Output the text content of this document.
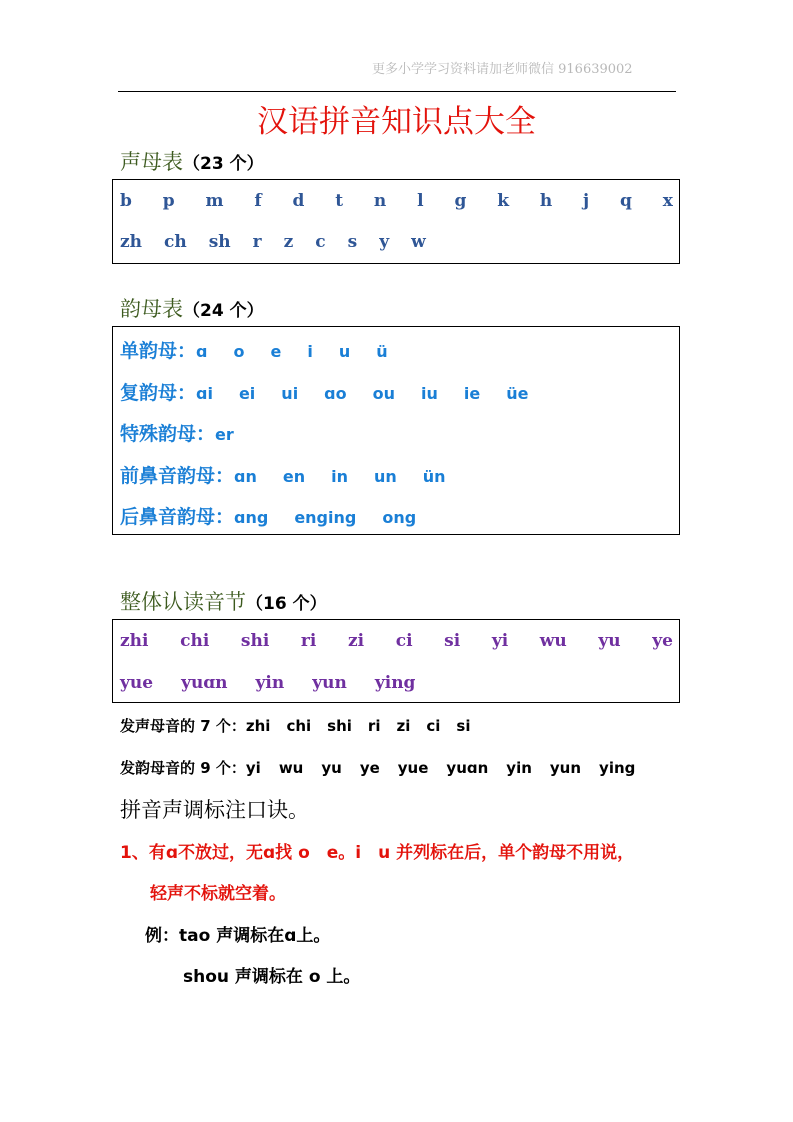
更多小学学习资料请加老师微信 916639002
汉语拼音知识点大全
声母表（23 个）
b p m f d t n l g k h j q x
zh ch sh r z c s y w
韵母表（24 个）
单韵母：ɑ o e i u ü
复韵母：ɑi ei ui ɑo ou iu ie üe
特殊韵母：er
前鼻音韵母：ɑn en in un ün
后鼻音韵母：ɑng enging ong
整体认读音节（16 个）
zhi chi shi ri zi ci si yi wu yu ye
yue yuɑn yin yun ying
发声母音的 7 个：zhi chi shi ri zi ci si
发韵母音的 9 个：yi wu yu ye yue yuɑn yin yun ying
拼音声调标注口诀。
1、有ɑ不放过，无ɑ找 o　e。i　u 并列标在后，单个韵母不用说，
轻声不标就空着。
例：tao 声调标在ɑ上。
shou 声调标在 o 上。
